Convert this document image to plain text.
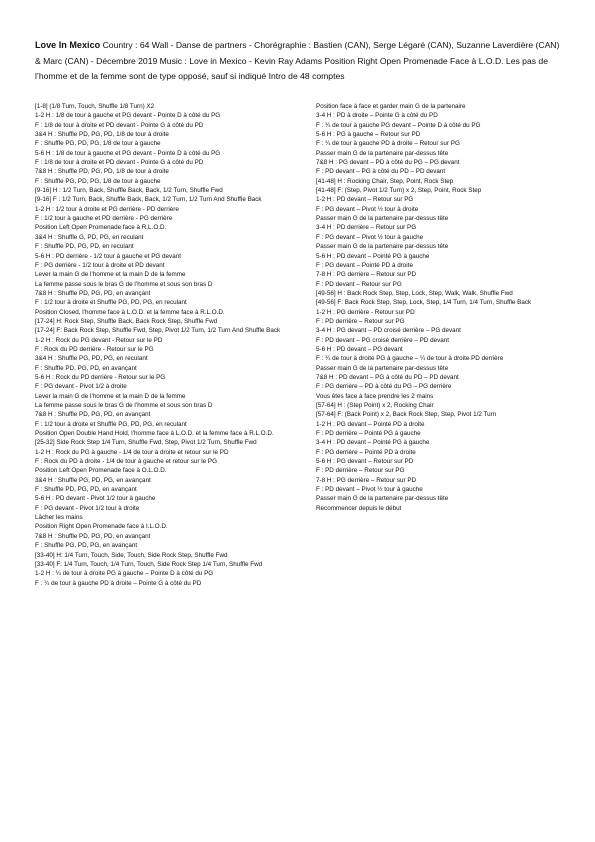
Love In Mexico Country : 64 Wall - Danse de partners - Chorégraphie : Bastien (CAN), Serge Légaré (CAN), Suzanne Laverdière (CAN) & Marc (CAN) - Décembre 2019 Music : Love in Mexico - Kevin Ray Adams Position Right Open Promenade Face à L.O.D. Les pas de l’homme et de la femme sont de type opposé, sauf si indiqué Intro de 48 comptes

[1-8] (1/8 Turn, Touch, Shuffle 1/8 Turn) X2
1-2 H : 1/8 de tour à gauche et PG devant - Pointe D à côté du PG
F : 1/8 de tour à droite et PD devant - Pointe G à côté du PD
3&4 H : Shuffle PD, PG, PD, 1/8 de tour à droite
F : Shuffle PG, PD, PG, 1/8 de tour à gauche
5-6 H : 1/8 de tour à gauche et PG devant - Pointe D à côté du PG
F : 1/8 de tour à droite et PD devant - Pointe G à côté du PD
7&8 H : Shuffle PD, PG, PD, 1/8 de tour à droite
F : Shuffle PG, PD, PG, 1/8 de tour à gauche
[9-16] H : 1/2 Turn, Back, Shuffle Back, Back, 1/2 Turn, Shuffle Fwd
[9-16] F : 1/2 Turn, Back, Shuffle Back, Back, 1/2 Turn, 1/2 Turn And Shuffle Back
1-2 H : 1/2 tour à droite et PG derrière - PD derrière
F : 1/2 tour à gauche et PD derrière - PG derrière
Position Left Open Promenade face à R.L.O.D.
3&4 H : Shuffle G, PD, PG, en reculant
F : Shuffle PD, PG, PD, en reculant
5-6 H : PD derrière - 1/2 tour à gauche et PG devant
F : PG derrière - 1/2 tour à droite et PD devant
Lever la main G de l’homme et la main D de la femme
La femme passe sous le bras G de l’homme et sous son bras D
7&8 H : Shuffle PD, PG, PD, en avançant
F : 1/2 tour à droite et Shuffle PG, PD, PG, en reculant
Position Closed, l’homme face à L.O.D. et la femme face à R.L.O.D.
[17-24] H: Rock Step, Shuffle Back, Back Rock Step, Shuffle Fwd
[17-24] F: Back Rock Step, Shuffle Fwd, Step, Pivot 1/2 Turn, 1/2 Turn And Shuffle Back
1-2 H : Rock du PG devant - Retour sur le PD
F : Rock du PD derrière - Retour sur le PG
3&4 H : Shuffle PG, PD, PG, en reculant
F : Shuffle PD, PG, PD, en avançant
5-6 H : Rock du PD derrière - Retour sur le PG
F : PG devant - Pivot 1/2 à droite
Lever la main G de l’homme et la main D de la femme
La femme passe sous le bras G de l’homme et sous son bras D
7&8 H : Shuffle PD, PG, PD, en avançant
F : 1/2 tour à droite et Shuffle PG, PD, PG, en reculant
Position Open Double Hand Hold, l’homme face à L.O.D. et la femme face à R.L.O.D.
[25-32] Side Rock Step 1/4 Turn, Shuffle Fwd, Step, Pivot 1/2 Turn, Shuffle Fwd
1-2 H : Rock du PG à gauche - 1/4 de tour à droite et retour sur le PD
F : Rock du PD à droite - 1/4 de tour à gauche et retour sur le PG
Position Left Open Promenade face à O.L.O.D.
3&4 H : Shuffle PG, PD, PG, en avançant
F : Shuffle PD, PG, PD, en avançant
5-6 H : PD devant - Pivot 1/2 tour à gauche
F : PG devant - Pivot 1/2 tour à droite
Lâcher les mains
Position Right Open Promenade face à I.L.O.D.
7&8 H : Shuffle PD, PG, PD, en avançant
F : Shuffle PG, PD, PG, en avançant
[33-40] H: 1/4 Turn, Touch, Side, Touch, Side Rock Step, Shuffle Fwd
[33-40] F: 1/4 Turn, Touch, 1/4 Turn, Touch, Side Rock Step 1/4 Turn, Shuffle Fwd
1-2 H : ¼ de tour à droite PG à gauche – Pointe D à côté du PG
F : ¼ de tour à gauche PD à droite – Pointe G à côté du PD
Position face à face et garder main G de la partenaire
3-4 H : PD à droite – Pointe G à côté du PD
F : ¼ de tour à gauche PG devant – Pointe D à côté du PG
5-6 H : PG à gauche – Retour sur PD
F : ¼ de tour à gauche PD à droite – Retour sur PG
Passer main G de la partenaire par-dessus tête
7&8 H : PG devant – PD à côté du PG – PG devant
F : PD devant – PG à côté du PD – PD devant
[41-48] H : Rocking Chair, Step, Point, Rock Step
[41-48] F: (Step, Pivot 1/2 Turn) x 2, Step, Point, Rock Step
1-2 H : PD devant – Retour sur PG
F : PG devant – Pivot ½ tour à droite
Passer main G de la partenaire par-dessus tête
3-4 H : PD derrière – Retour sur PG
F : PG devant – Pivot ½ tour à gauche
Passer main G de la partenaire par-dessus tête
5-6 H : PD devant – Pointé PG à gauche
F : PG devant – Pointé PD à droite
7-8 H : PG derrière – Retour sur PD
F : PD devant – Retour sur PG
[49-56] H : Back Rock Step, Step, Lock, Step, Walk, Walk, Shuffle Fwd
[49-56] F: Back Rock Step, Step, Lock, Step, 1/4 Turn, 1/4 Turn, Shuffle Back
1-2 H : PG derrière - Retour sur PD
F : PD derrière – Retour sur PG
3-4 H : PG devant – PD croisé derrière – PG devant
F : PD devant – PG croisé derrière – PD devant
5-6 H : PD devant – PG devant
F : ¼ de tour à droite PG à gauche – ¼ de tour à droite PD derrière
Passer main G de la partenaire par-dessus tête
7&8 H : PD devant – PG à côté du PD – PD devant
F : PG derrière – PD à côté du PG – PG derrière
Vous êtes face à face prendre les 2 mains
[57-64] H : (Step Point) x 2, Rocking Chair
[57-64] F: (Back Point) x 2, Back Rock Step, Step, Pivot 1/2 Turn
1-2 H : PG devant – Pointé PD à droite
F : PD derrière – Pointé PG à gauche
3-4 H : PD devant – Pointé PG à gauche
F : PG derrière – Pointé PD à droite
5-6 H : PG devant – Retour sur PD
F : PD derrière – Retour sur PG
7-8 H : PG derrière – Retour sur PD
F : PD devant – Pivot ½ tour à gauche
Passer main G de la partenaire par-dessus tête
Recommencer depuis le début
